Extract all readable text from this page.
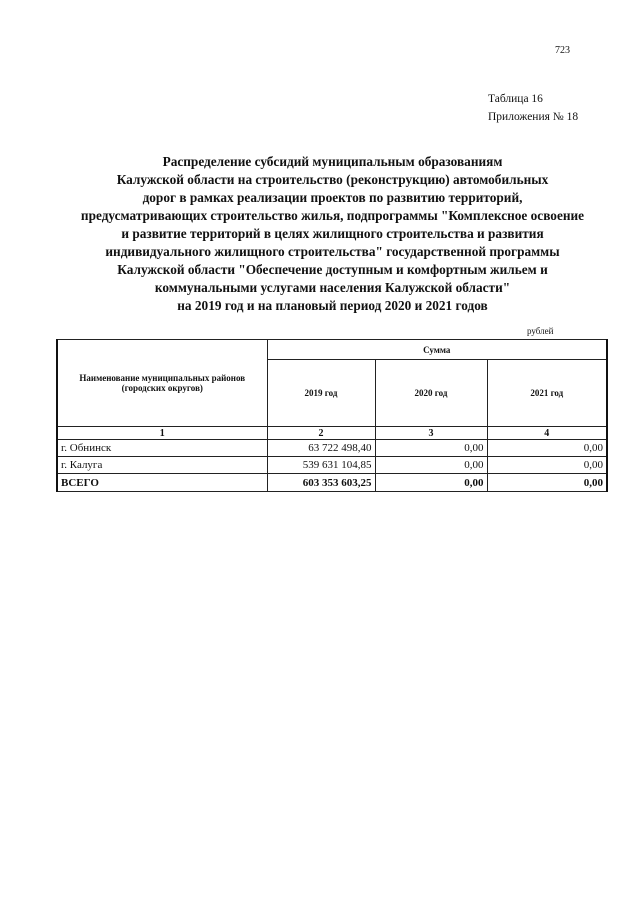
723
Таблица 16
Приложения № 18
Распределение субсидий муниципальным образованиям
Калужской области на строительство (реконструкцию) автомобильных
дорог в рамках реализации проектов по развитию территорий,
предусматривающих строительство жилья, подпрограммы "Комплексное освоение
и развитие территорий в целях жилищного строительства и развития
индивидуального жилищного строительства" государственной программы
Калужской области "Обеспечение доступным и комфортным жильем и
коммунальными услугами населения Калужской области"
на 2019 год и на плановый период 2020 и 2021 годов
рублей
Наименование муниципальных районов (городских округов)	Сумма		
	2019 год	2020 год	2021 год
1	2	3	4
г. Обнинск	63 722 498,40	0,00	0,00
г. Калуга	539 631 104,85	0,00	0,00
ВСЕГО	603 353 603,25	0,00	0,00
